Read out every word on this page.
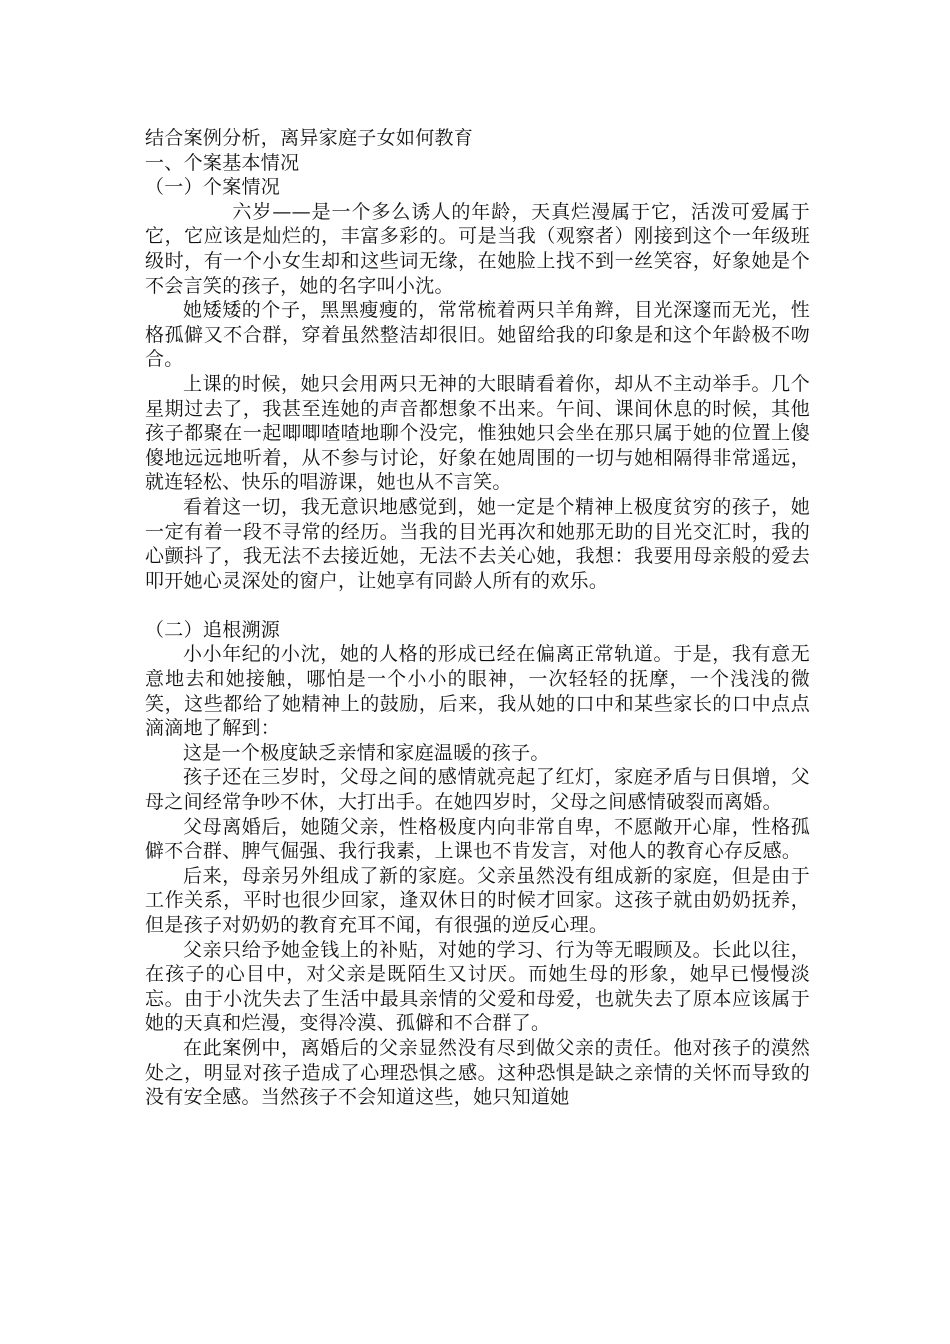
结合案例分析，离异家庭子女如何教育

一、个案基本情况

（一）个案情况

六岁——是一个多么诱人的年龄，天真烂漫属于它，活泼可爱属于它，它应该是灿烂的，丰富多彩的。可是当我（观察者）刚接到这个一年级班级时，有一个小女生却和这些词无缘，在她脸上找不到一丝笑容，好象她是个不会言笑的孩子，她的名字叫小沈。

她矮矮的个子，黑黑瘦瘦的，常常梳着两只羊角辫，目光深邃而无光，性格孤僻又不合群，穿着虽然整洁却很旧。她留给我的印象是和这个年龄极不吻合。

上课的时候，她只会用两只无神的大眼睛看着你，却从不主动举手。几个星期过去了，我甚至连她的声音都想象不出来。午间、课间休息的时候，其他孩子都聚在一起唧唧喳喳地聊个没完，惟独她只会坐在那只属于她的位置上傻傻地远远地听着，从不参与讨论，好象在她周围的一切与她相隔得非常遥远，就连轻松、快乐的唱游课，她也从不言笑。

看着这一切，我无意识地感觉到，她一定是个精神上极度贫穷的孩子，她一定有着一段不寻常的经历。当我的目光再次和她那无助的目光交汇时，我的心颤抖了，我无法不去接近她，无法不去关心她，我想：我要用母亲般的爱去叩开她心灵深处的窗户，让她享有同龄人所有的欢乐。

（二）追根溯源

小小年纪的小沈，她的人格的形成已经在偏离正常轨道。于是，我有意无意地去和她接触，哪怕是一个小小的眼神，一次轻轻的抚摩，一个浅浅的微笑，这些都给了她精神上的鼓励，后来，我从她的口中和某些家长的口中点点滴滴地了解到：

这是一个极度缺乏亲情和家庭温暖的孩子。

孩子还在三岁时，父母之间的感情就亮起了红灯，家庭矛盾与日俱增，父母之间经常争吵不休，大打出手。在她四岁时，父母之间感情破裂而离婚。

父母离婚后，她随父亲，性格极度内向非常自卑，不愿敞开心扉，性格孤僻不合群、脾气倔强、我行我素，上课也不肯发言，对他人的教育心存反感。

后来，母亲另外组成了新的家庭。父亲虽然没有组成新的家庭，但是由于工作关系，平时也很少回家，逢双休日的时候才回家。这孩子就由奶奶抚养，但是孩子对奶奶的教育充耳不闻，有很强的逆反心理。

父亲只给予她金钱上的补贴，对她的学习、行为等无暇顾及。长此以往，在孩子的心目中，对父亲是既陌生又讨厌。而她生母的形象，她早已慢慢淡忘。由于小沈失去了生活中最具亲情的父爱和母爱，也就失去了原本应该属于她的天真和烂漫，变得冷漠、孤僻和不合群了。

在此案例中，离婚后的父亲显然没有尽到做父亲的责任。他对孩子的漠然处之，明显对孩子造成了心理恐惧之感。这种恐惧是缺之亲情的关怀而导致的没有安全感。当然孩子不会知道这些，她只知道她
